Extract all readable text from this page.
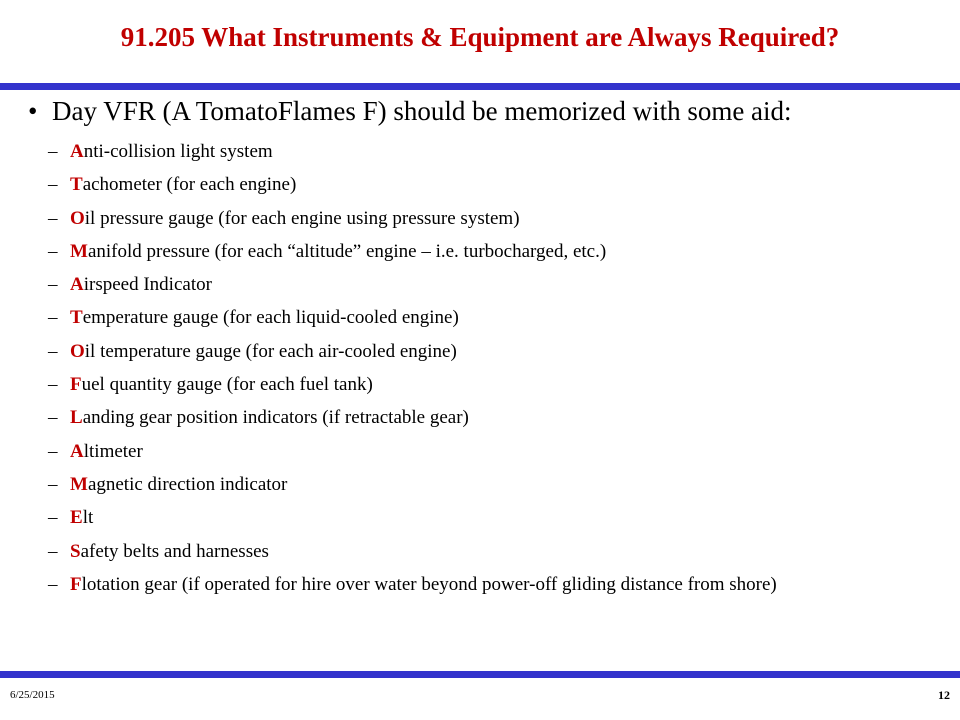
91.205 What Instruments & Equipment are Always Required?
• Day VFR (A TomatoFlames F) should be memorized with some aid:
– Anti-collision light system
– Tachometer (for each engine)
– Oil pressure gauge (for each engine using pressure system)
– Manifold pressure (for each “altitude” engine – i.e. turbocharged, etc.)
– Airspeed Indicator
– Temperature gauge (for each liquid-cooled engine)
– Oil temperature gauge (for each air-cooled engine)
– Fuel quantity gauge (for each fuel tank)
– Landing gear position indicators (if retractable gear)
– Altimeter
– Magnetic direction indicator
– Elt
– Safety belts and harnesses
– Flotation gear (if operated for hire over water beyond power-off gliding distance from shore)
6/25/2015	12
